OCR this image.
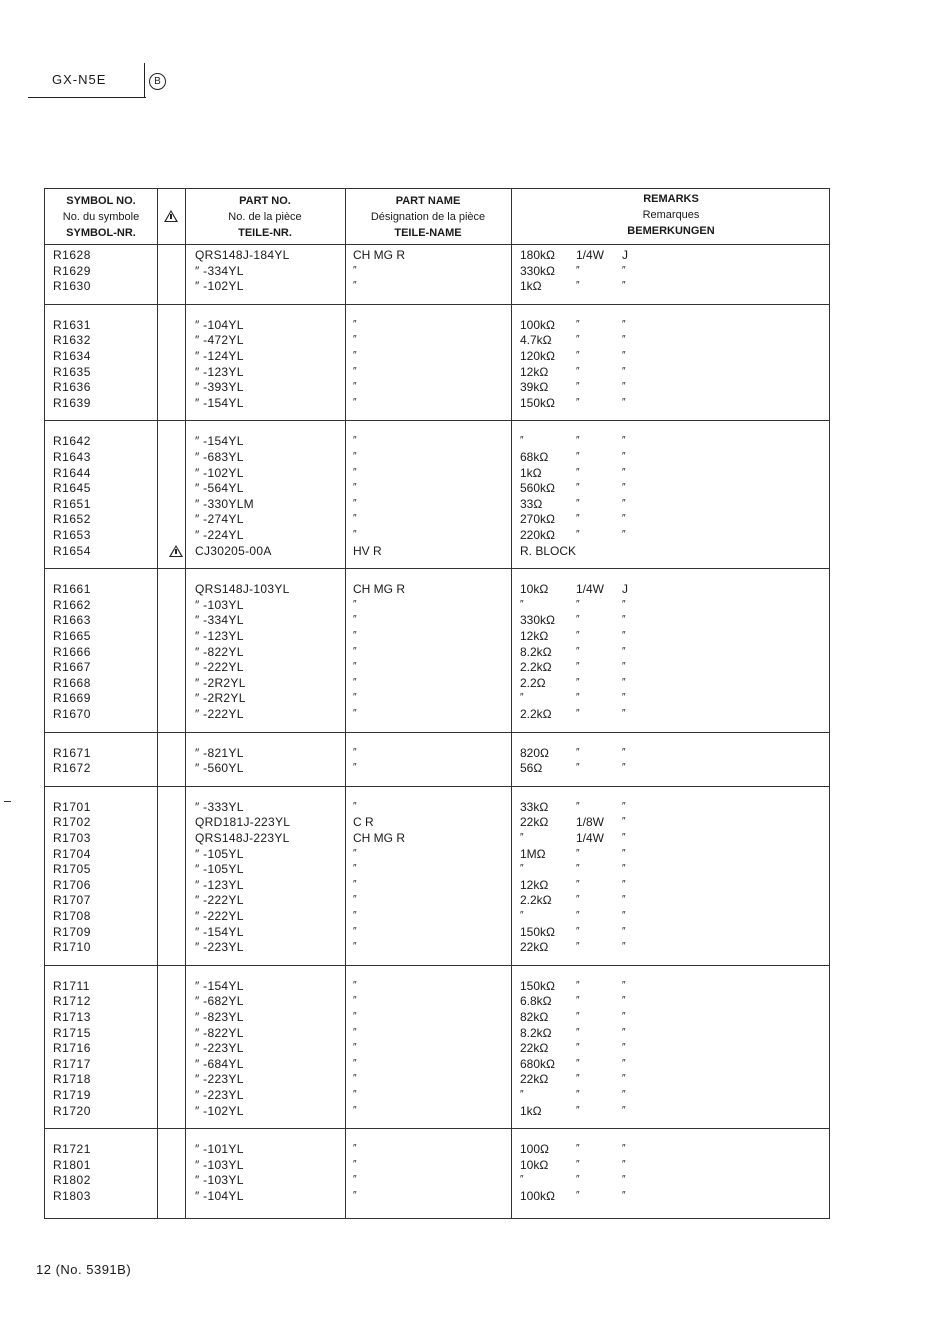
GX-N5E	B
SYMBOL NO.
No. du symbole
SYMBOL-NR.
PART NO.
No. de la pièce
TEILE-NR.
PART NAME
Désignation de la pièce
TEILE-NAME
REMARKS
Remarques
BEMERKUNGEN
R1628	QRS148J-184YL	CH MG R	180kΩ 1/4W J
R1629	″ -334YL	″	330kΩ ″	″
R1630	″ -102YL	″	1kΩ	″	″
R1631	″ -104YL	″	100kΩ ″	″
R1632	″ -472YL	″	4.7kΩ ″	″
R1634	″ -124YL	″	120kΩ ″	″
R1635	″ -123YL	″	12kΩ	″	″
R1636	″ -393YL	″	39kΩ	″	″
R1639	″ -154YL	″	150kΩ ″	″
R1642	″ -154YL	″	″	″	″
R1643	″ -683YL	″	68kΩ	″	″
R1644	″ -102YL	″	1kΩ	″	″
R1645	″ -564YL	″	560kΩ ″	″
R1651	″ -330YLM	″	33Ω	″	″
R1652	″ -274YL	″	270kΩ ″	″
R1653	″ -224YL	″	220kΩ ″	″
R1654	CJ30205-00A	HV R	R. BLOCK
R1661	QRS148J-103YL	CH MG R	10kΩ 1/4W J
R1662	″ -103YL	″	″	″	″
R1663	″ -334YL	″	330kΩ ″	″
R1665	″ -123YL	″	12kΩ	″	″
R1666	″ -822YL	″	8.2kΩ ″	″
R1667	″ -222YL	″	2.2kΩ ″	″
R1668	″ -2R2YL	″	2.2Ω	″	″
R1669	″ -2R2YL	″	″	″	″
R1670	″ -222YL	″	2.2kΩ ″	″
R1671	″ -821YL	″	820Ω	″	″
R1672	″ -560YL	″	56Ω	″	″
R1701	″ -333YL	″	33kΩ	″	″
R1702	QRD181J-223YL	C R	22kΩ 1/8W ″
R1703	QRS148J-223YL	CH MG R	″	1/4W ″
R1704	″ -105YL	″	1MΩ	″	″
R1705	″ -105YL	″	″	″	″
R1706	″ -123YL	″	12kΩ	″	″
R1707	″ -222YL	″	2.2kΩ ″	″
R1708	″ -222YL	″	″	″	″
R1709	″ -154YL	″	150kΩ ″	″
R1710	″ -223YL	″	22kΩ	″	″
R1711	″ -154YL	″	150kΩ ″	″
R1712	″ -682YL	″	6.8kΩ ″	″
R1713	″ -823YL	″	82kΩ	″	″
R1715	″ -822YL	″	8.2kΩ ″	″
R1716	″ -223YL	″	22kΩ	″	″
R1717	″ -684YL	″	680kΩ ″	″
R1718	″ -223YL	″	22kΩ	″	″
R1719	″ -223YL	″	″	″	″
R1720	″ -102YL	″	1kΩ	″	″
R1721	″ -101YL	″	100Ω	″	″
R1801	″ -103YL	″	10kΩ	″	″
R1802	″ -103YL	″	″	″	″
R1803	″ -104YL	″	100kΩ ″	″
12 (No. 5391B)
